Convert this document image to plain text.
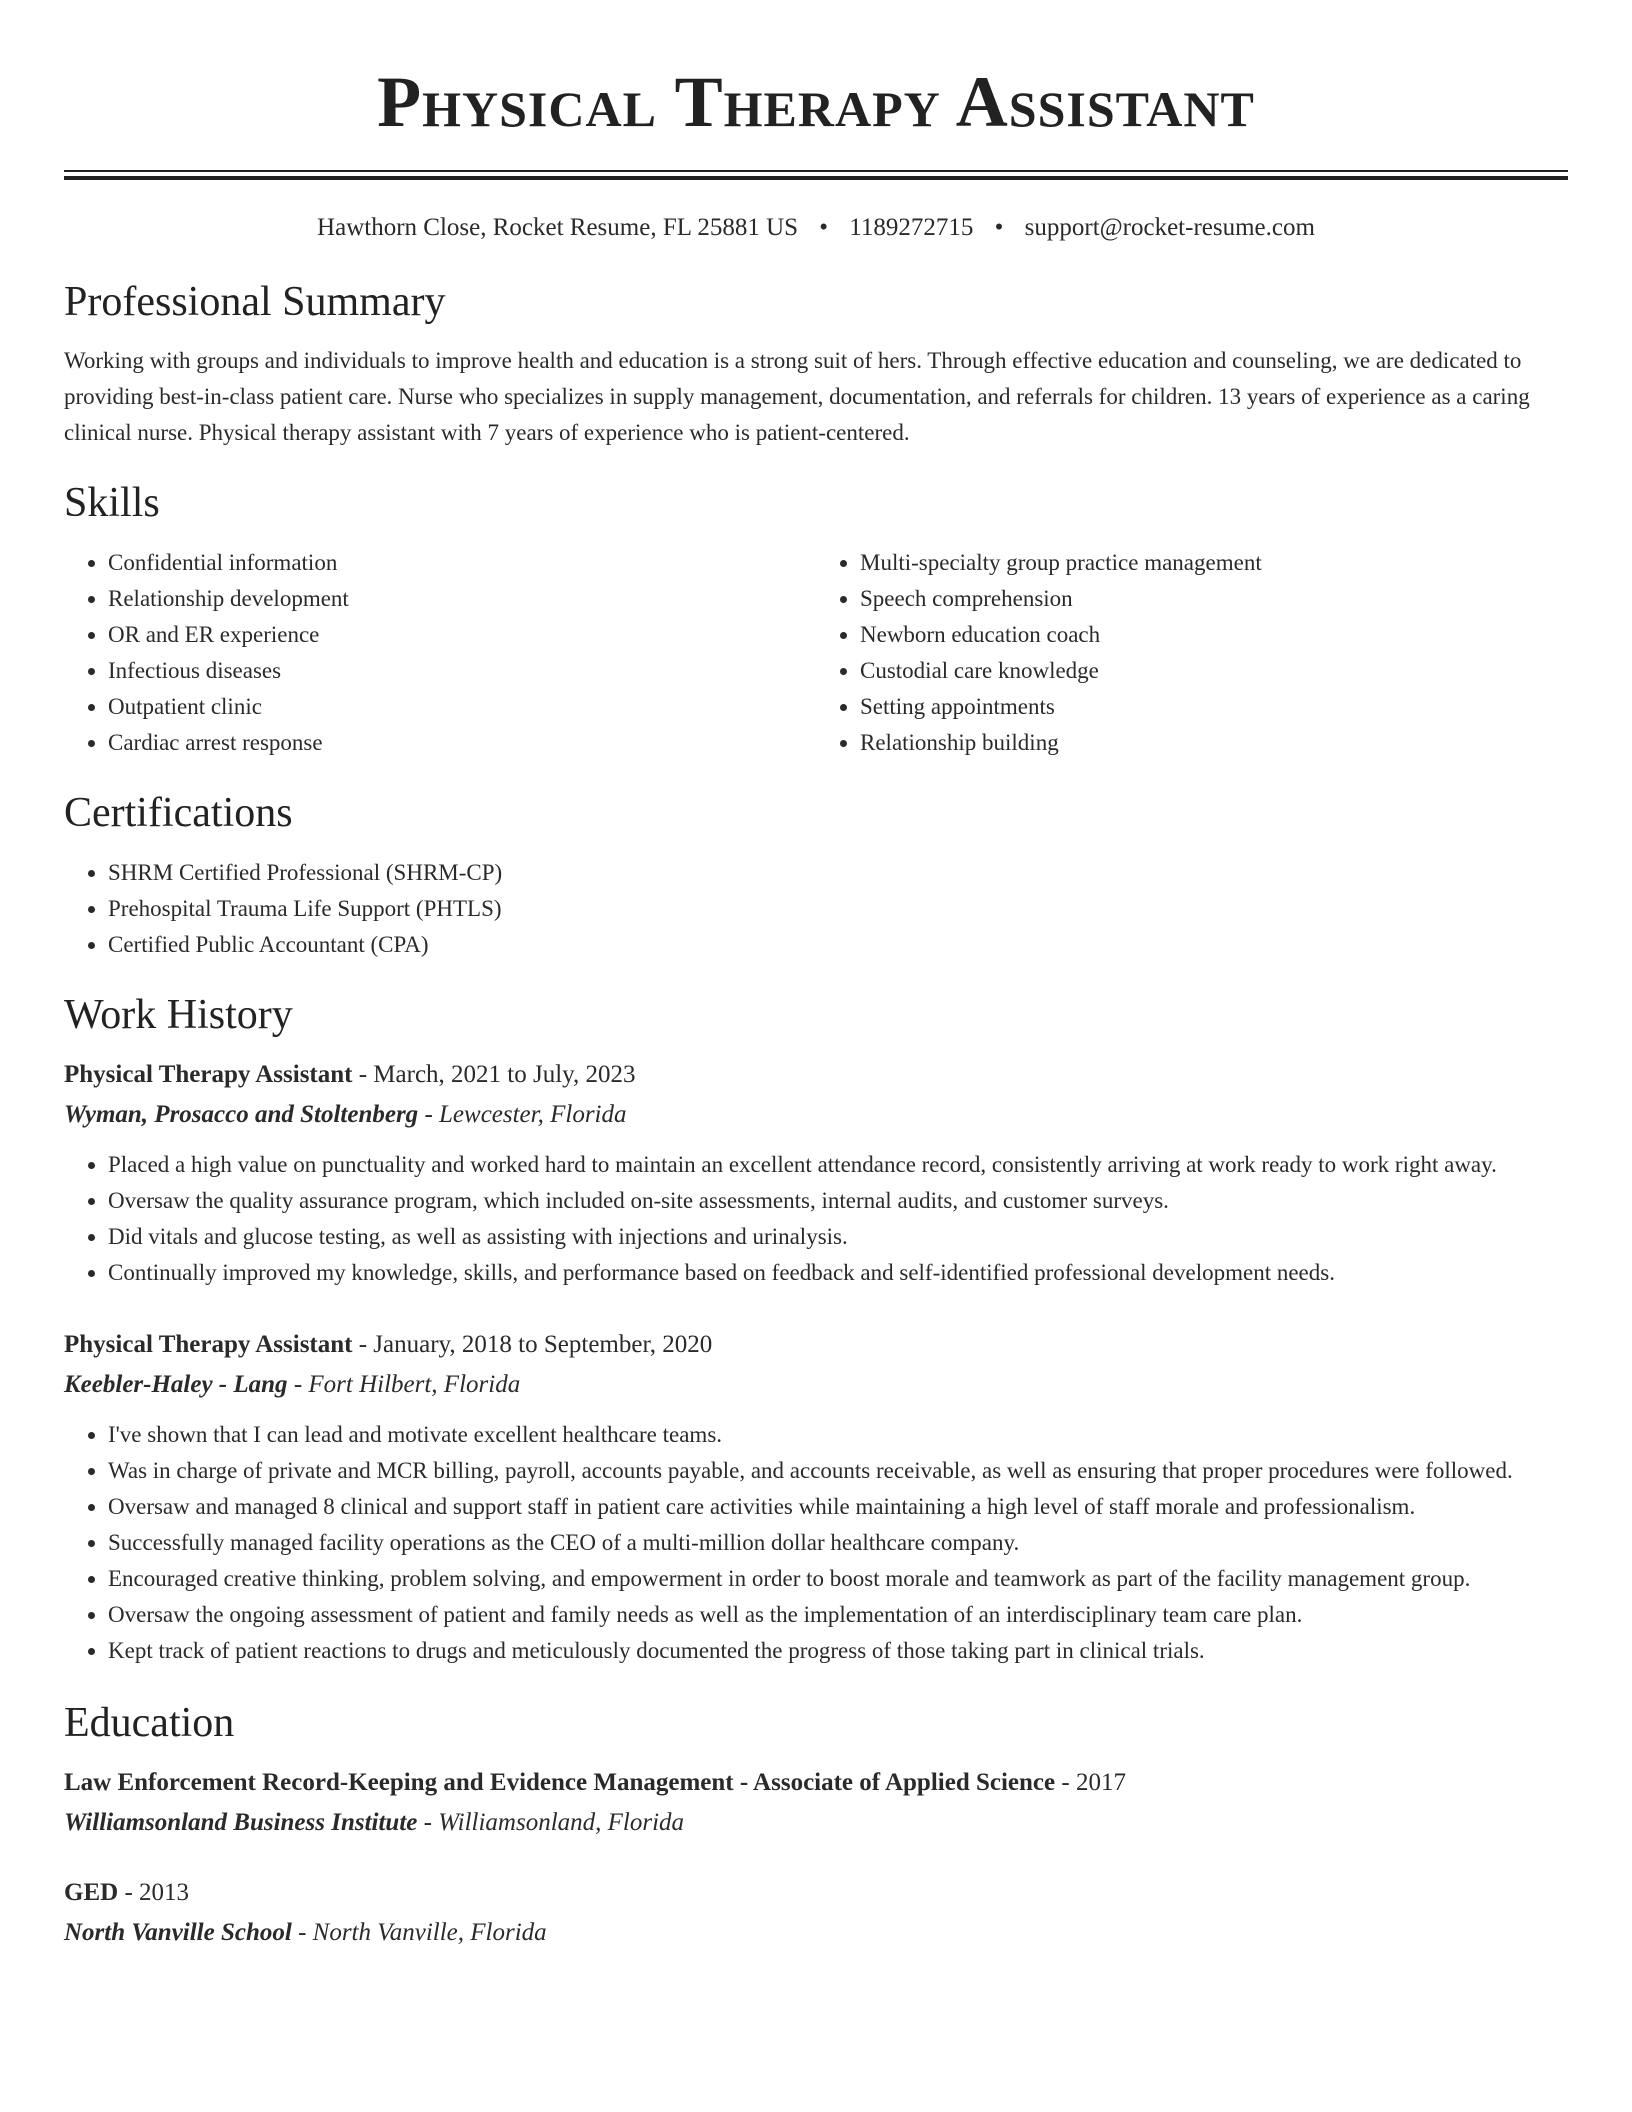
Physical Therapy Assistant
Hawthorn Close, Rocket Resume, FL 25881 US • 1189272715 • support@rocket-resume.com
Professional Summary

Working with groups and individuals to improve health and education is a strong suit of hers. Through effective education and counseling, we are dedicated to providing best-in-class patient care. Nurse who specializes in supply management, documentation, and referrals for children. 13 years of experience as a caring clinical nurse. Physical therapy assistant with 7 years of experience who is patient-centered.

Skills
• Confidential information
• Relationship development
• OR and ER experience
• Infectious diseases
• Outpatient clinic
• Cardiac arrest response
• Multi-specialty group practice management
• Speech comprehension
• Newborn education coach
• Custodial care knowledge
• Setting appointments
• Relationship building
Certifications
• SHRM Certified Professional (SHRM-CP)
• Prehospital Trauma Life Support (PHTLS)
• Certified Public Accountant (CPA)
Work History
Physical Therapy Assistant - March, 2021 to July, 2023
Wyman, Prosacco and Stoltenberg - Lewcester, Florida
• Placed a high value on punctuality and worked hard to maintain an excellent attendance record, consistently arriving at work ready to work right away.
• Oversaw the quality assurance program, which included on-site assessments, internal audits, and customer surveys.
• Did vitals and glucose testing, as well as assisting with injections and urinalysis.
• Continually improved my knowledge, skills, and performance based on feedback and self-identified professional development needs.
Physical Therapy Assistant - January, 2018 to September, 2020
Keebler-Haley - Lang - Fort Hilbert, Florida
• I've shown that I can lead and motivate excellent healthcare teams.
• Was in charge of private and MCR billing, payroll, accounts payable, and accounts receivable, as well as ensuring that proper procedures were followed.
• Oversaw and managed 8 clinical and support staff in patient care activities while maintaining a high level of staff morale and professionalism.
• Successfully managed facility operations as the CEO of a multi-million dollar healthcare company.
• Encouraged creative thinking, problem solving, and empowerment in order to boost morale and teamwork as part of the facility management group.
• Oversaw the ongoing assessment of patient and family needs as well as the implementation of an interdisciplinary team care plan.
• Kept track of patient reactions to drugs and meticulously documented the progress of those taking part in clinical trials.
Education
Law Enforcement Record-Keeping and Evidence Management - Associate of Applied Science - 2017
Williamsonland Business Institute - Williamsonland, Florida
GED - 2013
North Vanville School - North Vanville, Florida
